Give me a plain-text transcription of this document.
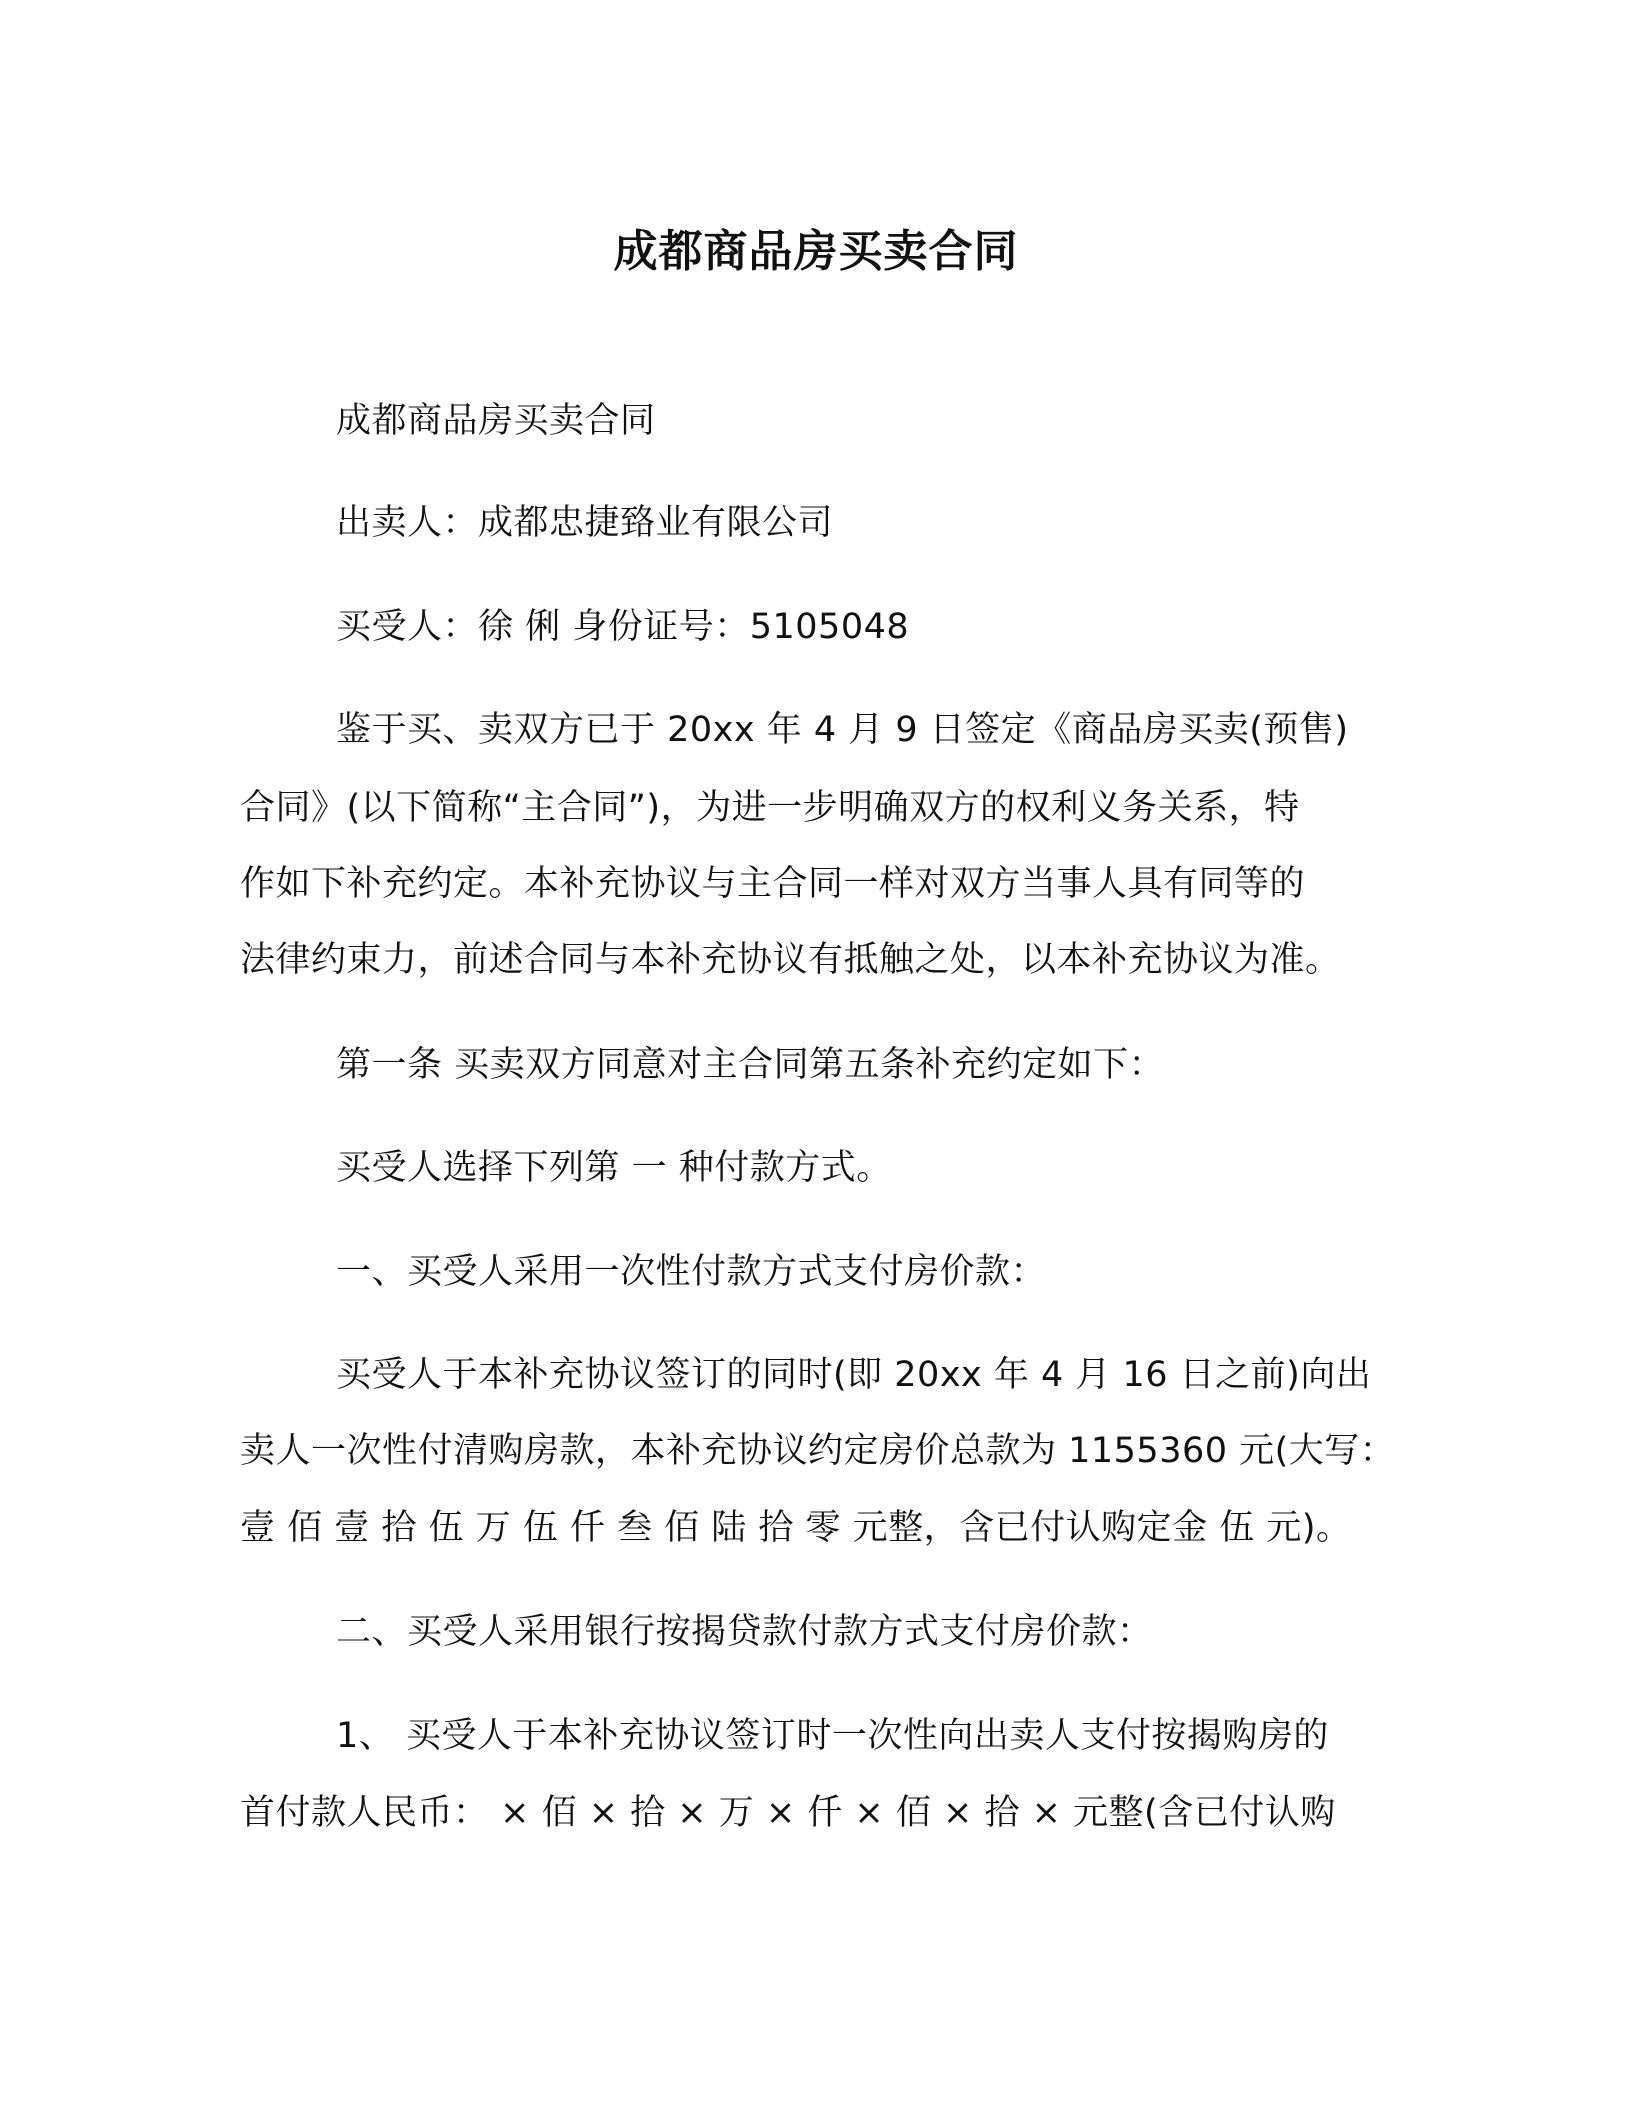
成都商品房买卖合同
成都商品房买卖合同
出卖人：成都忠捷臵业有限公司
买受人：徐 俐 身份证号：5105048
鉴于买、卖双方已于 20xx 年 4 月 9 日签定《商品房买卖(预售)
合同》(以下简称“主合同”)，为进一步明确双方的权利义务关系，特
作如下补充约定。本补充协议与主合同一样对双方当事人具有同等的
法律约束力，前述合同与本补充协议有抵触之处，以本补充协议为准。
第一条 买卖双方同意对主合同第五条补充约定如下：
买受人选择下列第 一 种付款方式。
一、买受人采用一次性付款方式支付房价款：
买受人于本补充协议签订的同时(即 20xx 年 4 月 16 日之前)向出
卖人一次性付清购房款，本补充协议约定房价总款为 1155360 元(大写：
壹 佰 壹 拾 伍 万 伍 仟 叁 佰 陆 拾 零 元整，含已付认购定金 伍 元)。
二、买受人采用银行按揭贷款付款方式支付房价款：
1、 买受人于本补充协议签订时一次性向出卖人支付按揭购房的
首付款人民币： × 佰 × 拾 × 万 × 仟 × 佰 × 拾 × 元整(含已付认购
